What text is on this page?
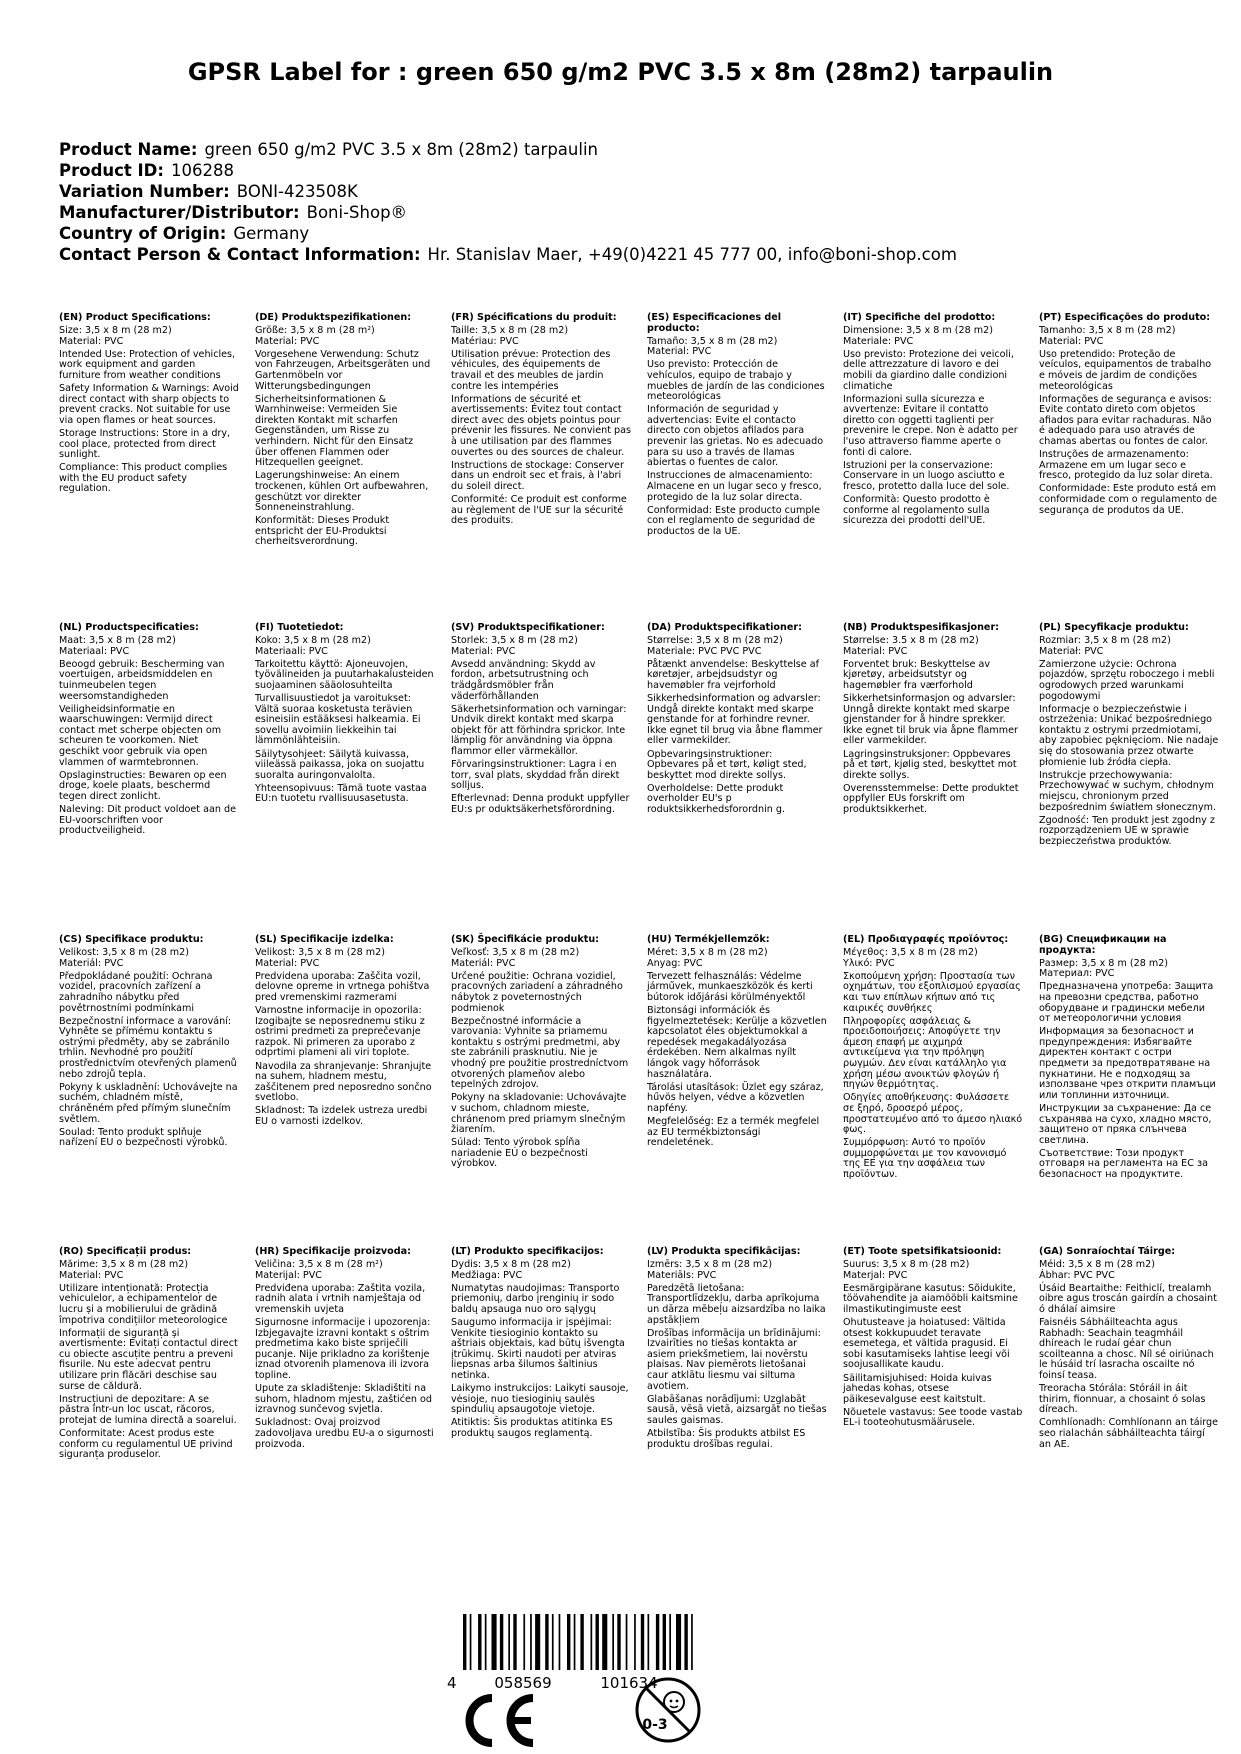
GPSR Label for : green 650 g/m2 PVC 3.5 x 8m (28m2) tarpaulin
Product Name: green 650 g/m2 PVC 3.5 x 8m (28m2) tarpaulin
Product ID: 106288
Variation Number: BONI-423508K
Manufacturer/Distributor: Boni-Shop®
Country of Origin: Germany
Contact Person & Contact Information: Hr. Stanislav Maer, +49(0)4221 45 777 00, info@boni-shop.com

(EN) Product Specifications:

Size: 3,5 x 8 m (28 m2)

Material: PVC

Intended Use: Protection of vehicles, work equipment and garden furniture from weather conditions

Safety Information & Warnings: Avoid direct contact with sharp objects to prevent cracks. Not suitable for use via open flames or heat sources.

Storage Instructions: Store in a dry, cool place, protected from direct sunlight.

Compliance: This product complies with the EU product safety regulation.

(DE) Produktspezifikationen:

Größe: 3,5 x 8 m (28 m²)

Material: PVC

Vorgesehene Verwendung: Schutz von Fahrzeugen, Arbeitsgeräten und Gartenmöbeln vor Witterungsbedingungen

Sicherheitsinformationen & Warnhinweise: Vermeiden Sie direkten Kontakt mit scharfen Gegenständen, um Risse zu verhindern. Nicht für den Einsatz über offenen Flammen oder Hitzequellen geeignet.

Lagerungshinweise: An einem trockenen, kühlen Ort aufbewahren, geschützt vor direkter Sonneneinstrahlung.

Konformität: Dieses Produkt entspricht der EU-Produktsi cherheitsverordnung.

(FR) Spécifications du produit:

Taille: 3,5 x 8 m (28 m2)

Matériau: PVC

Utilisation prévue: Protection des véhicules, des équipements de travail et des meubles de jardin contre les intempéries

Informations de sécurité et avertissements: Évitez tout contact direct avec des objets pointus pour prévenir les fissures. Ne convient pas à une utilisation par des flammes ouvertes ou des sources de chaleur.

Instructions de stockage: Conserver dans un endroit sec et frais, à l'abri du soleil direct.

Conformité: Ce produit est conforme au règlement de l'UE sur la sécurité des produits.

(ES) Especificaciones del producto:

Tamaño: 3,5 x 8 m (28 m2)

Material: PVC

Uso previsto: Protección de vehículos, equipo de trabajo y muebles de jardín de las condiciones meteorológicas

Información de seguridad y advertencias: Evite el contacto directo con objetos afilados para prevenir las grietas. No es adecuado para su uso a través de llamas abiertas o fuentes de calor.

Instrucciones de almacenamiento: Almacene en un lugar seco y fresco, protegido de la luz solar directa.

Conformidad: Este producto cumple con el reglamento de seguridad de productos de la UE.

(IT) Specifiche del prodotto:

Dimensione: 3,5 x 8 m (28 m2)

Materiale: PVC

Uso previsto: Protezione dei veicoli, delle attrezzature di lavoro e dei mobili da giardino dalle condizioni climatiche

Informazioni sulla sicurezza e avvertenze: Evitare il contatto diretto con oggetti taglienti per prevenire le crepe. Non è adatto per l'uso attraverso fiamme aperte o fonti di calore.

Istruzioni per la conservazione: Conservare in un luogo asciutto e fresco, protetto dalla luce del sole.

Conformità: Questo prodotto è conforme al regolamento sulla sicurezza dei prodotti dell'UE.

(PT) Especificações do produto:

Tamanho: 3,5 x 8 m (28 m2)

Material: PVC

Uso pretendido: Proteção de veículos, equipamentos de trabalho e móveis de jardim de condições meteorológicas

Informações de segurança e avisos: Evite contato direto com objetos afiados para evitar rachaduras. Não é adequado para uso através de chamas abertas ou fontes de calor.

Instruções de armazenamento: Armazene em um lugar seco e fresco, protegido da luz solar direta.

Conformidade: Este produto está em conformidade com o regulamento de segurança de produtos da UE.

(NL) Productspecificaties:

Maat: 3,5 x 8 m (28 m2)

Materiaal: PVC

Beoogd gebruik: Bescherming van voertuigen, arbeidsmiddelen en tuinmeubelen tegen weersomstandigheden

Veiligheidsinformatie en waarschuwingen: Vermijd direct contact met scherpe objecten om scheuren te voorkomen. Niet geschikt voor gebruik via open vlammen of warmtebronnen.

Opslaginstructies: Bewaren op een droge, koele plaats, beschermd tegen direct zonlicht.

Naleving: Dit product voldoet aan de EU-voorschriften voor productveiligheid.

(FI) Tuotetiedot:

Koko: 3,5 x 8 m (28 m2)

Materiaali: PVC

Tarkoitettu käyttö: Ajoneuvojen, työvälineiden ja puutarhakalusteiden suojaaminen sääolosuhteilta

Turvallisuustiedot ja varoitukset: Vältä suoraa kosketusta terävien esineisiin estääksesi halkeamia. Ei sovellu avoimiin liekkeihin tai lämmönlähteisiin.

Säilytysohjeet: Säilytä kuivassa, viileässä paikassa, joka on suojattu suoralta auringonvalolta.

Yhteensopivuus: Tämä tuote vastaa EU:n tuotetu rvallisuusasetusta.

(SV) Produktspecifikationer:

Storlek: 3,5 x 8 m (28 m2)

Material: PVC

Avsedd användning: Skydd av fordon, arbetsutrustning och trädgårdsmöbler från väderförhållanden

Säkerhetsinformation och varningar: Undvik direkt kontakt med skarpa objekt för att förhindra sprickor. Inte lämplig för användning via öppna flammor eller värmekällor.

Förvaringsinstruktioner: Lagra i en torr, sval plats, skyddad från direkt solljus.

Efterlevnad: Denna produkt uppfyller EU:s pr oduktsäkerhetsförordning.

(DA) Produktspecifikationer:

Størrelse: 3,5 x 8 m (28 m2)

Materiale: PVC PVC PVC

Påtænkt anvendelse: Beskyttelse af køretøjer, arbejdsudstyr og havemøbler fra vejrforhold

Sikkerhedsinformation og advarsler: Undgå direkte kontakt med skarpe genstande for at forhindre revner. Ikke egnet til brug via åbne flammer eller varmekilder.

Opbevaringsinstruktioner: Opbevares på et tørt, køligt sted, beskyttet mod direkte sollys.

Overholdelse: Dette produkt overholder EU's p roduktsikkerhedsforordnin g.

(NB) Produktspesifikasjoner:

Størrelse: 3.5 x 8 m (28 m2)

Material: PVC

Forventet bruk: Beskyttelse av kjøretøy, arbeidsutstyr og hagemøbler fra værforhold

Sikkerhetsinformasjon og advarsler: Unngå direkte kontakt med skarpe gjenstander for å hindre sprekker. Ikke egnet til bruk via åpne flammer eller varmekilder.

Lagringsinstruksjoner: Oppbevares på et tørt, kjølig sted, beskyttet mot direkte sollys.

Overensstemmelse: Dette produktet oppfyller EUs forskrift om produktsikkerhet.

(PL) Specyfikacje produktu:

Rozmiar: 3,5 x 8 m (28 m2)

Materiał: PVC

Zamierzone użycie: Ochrona pojazdów, sprzętu roboczego i mebli ogrodowych przed warunkami pogodowymi

Informacje o bezpieczeństwie i ostrzeżenia: Unikać bezpośredniego kontaktu z ostrymi przedmiotami, aby zapobiec pęknięciom. Nie nadaje się do stosowania przez otwarte płomienie lub źródła ciepła.

Instrukcje przechowywania: Przechowywać w suchym, chłodnym miejscu, chronionym przed bezpośrednim światłem słonecznym.

Zgodność: Ten produkt jest zgodny z rozporządzeniem UE w sprawie bezpieczeństwa produktów.

(CS) Specifikace produktu:

Velikost: 3,5 x 8 m (28 m2)

Materiál: PVC

Předpokládané použití: Ochrana vozidel, pracovních zařízení a zahradního nábytku před povětrnostními podmínkami

Bezpečnostní informace a varování: Vyhněte se přímému kontaktu s ostrými předměty, aby se zabránilo trhlin. Nevhodné pro použití prostřednictvím otevřených plamenů nebo zdrojů tepla.

Pokyny k uskladnění: Uchovávejte na suchém, chladném místě, chráněném před přímým slunečním světlem.

Soulad: Tento produkt splňuje nařízení EU o bezpečnosti výrobků.

(SL) Specifikacije izdelka:

Velikost: 3,5 x 8 m (28 m2)

Material: PVC

Predvidena uporaba: Zaščita vozil, delovne opreme in vrtnega pohištva pred vremenskimi razmerami

Varnostne informacije in opozorila: Izogibajte se neposrednemu stiku z ostrimi predmeti za preprečevanje razpok. Ni primeren za uporabo z odprtimi plameni ali viri toplote.

Navodila za shranjevanje: Shranjujte na suhem, hladnem mestu, zaščitenem pred neposredno sončno svetlobo.

Skladnost: Ta izdelek ustreza uredbi EU o varnosti izdelkov.

(SK) Špecifikácie produktu:

Veľkosť: 3,5 x 8 m (28 m2)

Materiál: PVC

Určené použitie: Ochrana vozidiel, pracovných zariadení a záhradného nábytok z poveternostných podmienok

Bezpečnostné informácie a varovania: Vyhnite sa priamemu kontaktu s ostrými predmetmi, aby ste zabránili prasknutiu. Nie je vhodný pre použitie prostredníctvom otvorených plameňov alebo tepelných zdrojov.

Pokyny na skladovanie: Uchovávajte v suchom, chladnom mieste, chránenom pred priamym slnečným žiarením.

Súlad: Tento výrobok spĺňa nariadenie EÚ o bezpečnosti výrobkov.

(HU) Termékjellemzők:

Méret: 3,5 x 8 m (28 m2)

Anyag: PVC

Tervezett felhasználás: Védelme járművek, munkaeszközök és kerti bútorok időjárási körülményektől

Biztonsági információk és figyelmeztetések: Kerülje a közvetlen kapcsolatot éles objektumokkal a repedések megakadályozása érdekében. Nem alkalmas nyílt lángok vagy hőforrások használatára.

Tárolási utasítások: Üzlet egy száraz, hűvös helyen, védve a közvetlen napfény.

Megfelelőség: Ez a termék megfelel az EU termékbiztonsági rendeletének.

(EL) Προδιαγραφές προϊόντος:

Μέγεθος: 3,5 x 8 m (28 m2)

Υλικό: PVC

Σκοπούμενη χρήση: Προστασία των οχημάτων, του εξοπλισμού εργασίας και των επίπλων κήπων από τις καιρικές συνθήκες

Πληροφορίες ασφάλειας & προειδοποιήσεις: Αποφύγετε την άμεση επαφή με αιχμηρά αντικείμενα για την πρόληψη ρωγμών. Δεν είναι κατάλληλο για χρήση μέσω ανοικτών φλογών ή πηγών θερμότητας.

Οδηγίες αποθήκευσης: Φυλάσσετε σε ξηρό, δροσερό μέρος, προστατευμένο από το άμεσο ηλιακό φως.

Συμμόρφωση: Αυτό το προϊόν συμμορφώνεται με τον κανονισμό της ΕΕ για την ασφάλεια των προϊόντων.

(BG) Спецификации на продукта:

Размер: 3,5 x 8 m (28 m2)

Материал: PVC

Предназначена употреба: Защита на превозни средства, работно оборудване и градински мебели от метеорологични условия

Информация за безопасност и предупреждения: Избягвайте директен контакт с остри предмети за предотвратяване на пукнатини. Не е подходящ за използване чрез открити пламъци или топлинни източници.

Инструкции за съхранение: Да се съхранява на сухо, хладно място, защитено от пряка слънчева светлина.

Съответствие: Този продукт отговаря на регламента на ЕС за безопасност на продуктите.

(RO) Specificații produs:

Mărime: 3,5 x 8 m (28 m2)

Material: PVC

Utilizare intenționată: Protecția vehiculelor, a echipamentelor de lucru și a mobilierului de grădină împotriva condițiilor meteorologice

Informații de siguranță și avertismente: Evitați contactul direct cu obiecte ascuțite pentru a preveni fisurile. Nu este adecvat pentru utilizare prin flăcări deschise sau surse de căldură.

Instrucțiuni de depozitare: A se păstra într-un loc uscat, răcoros, protejat de lumina directă a soarelui.

Conformitate: Acest produs este conform cu regulamentul UE privind siguranța produselor.

(HR) Specifikacije proizvoda:

Veličina: 3,5 x 8 m (28 m²)

Materijal: PVC

Predviđena uporaba: Zaštita vozila, radnih alata i vrtnih namještaja od vremenskih uvjeta

Sigurnosne informacije i upozorenja: Izbjegavajte izravni kontakt s oštrim predmetima kako biste spriječili pucanje. Nije prikladno za korištenje iznad otvorenih plamenova ili izvora topline.

Upute za skladištenje: Skladištiti na suhom, hladnom mjestu, zaštićen od izravnog sunčevog svjetla.

Sukladnost: Ovaj proizvod zadovoljava uredbu EU-a o sigurnosti proizvoda.

(LT) Produkto specifikacijos:

Dydis: 3,5 x 8 m (28 m2)

Medžiaga: PVC

Numatytas naudojimas: Transporto priemonių, darbo įrenginių ir sodo baldų apsauga nuo oro sąlygų

Saugumo informacija ir įspėjimai: Venkite tiesioginio kontakto su aštriais objektais, kad būtų išvengta įtrūkimų. Skirti naudoti per atviras liepsnas arba šilumos šaltinius netinka.

Laikymo instrukcijos: Laikyti sausoje, vėsioje, nuo tiesioginių saulės spindulių apsaugotoje vietoje.

Atitiktis: Šis produktas atitinka ES produktų saugos reglamentą.

(LV) Produkta specifikācijas:

Izmērs: 3,5 x 8 m (28 m2)

Materiāls: PVC

Paredzētā lietošana: Transportlīdzekļu, darba aprīkojuma un dārza mēbeļu aizsardzība no laika apstākļiem

Drošības informācija un brīdinājumi: Izvairīties no tiešas kontakta ar asiem priekšmetiem, lai novērstu plaisas. Nav piemērots lietošanai caur atklātu liesmu vai siltuma avotiem.

Glabāšanas norādījumi: Uzglabāt sausā, vēsā vietā, aizsargāt no tiešas saules gaismas.

Atbilstība: Šis produkts atbilst ES produktu drošības regulai.

(ET) Toote spetsifikatsioonid:

Suurus: 3,5 x 8 m (28 m2)

Materjal: PVC

Eesmärgipärane kasutus: Sõidukite, töövahendite ja aiamööbli kaitsmine ilmastikutingimuste eest

Ohutusteave ja hoiatused: Vältida otsest kokkupuudet teravate esemetega, et vältida pragusid. Ei sobi kasutamiseks lahtise leegi või soojusallikate kaudu.

Säilitamisjuhised: Hoida kuivas jahedas kohas, otsese päikesevalguse eest kaitstult.

Nõuetele vastavus: See toode vastab EL-i tooteohutusmäärusele.

(GA) Sonraíochtaí Táirge:

Méid: 3,5 x 8 m (28 m2)

Ábhar: PVC PVC

Úsáid Beartaithe: Feithiclí, trealamh oibre agus troscán gairdín a chosaint ó dhálaí aimsire

Faisnéis Sábháilteachta agus Rabhadh: Seachain teagmháil dhíreach le rudaí géar chun scoilteanna a chosc. Níl sé oiriúnach le húsáid trí lasracha oscailte nó foinsí teasa.

Treoracha Stórála: Stóráil in áit thirim, fionnuar, a chosaint ó solas díreach.

Comhlíonadh: Comhlíonann an táirge seo rialachán sábháilteachta táirgí an AE.

4	058569	101634
0-3
